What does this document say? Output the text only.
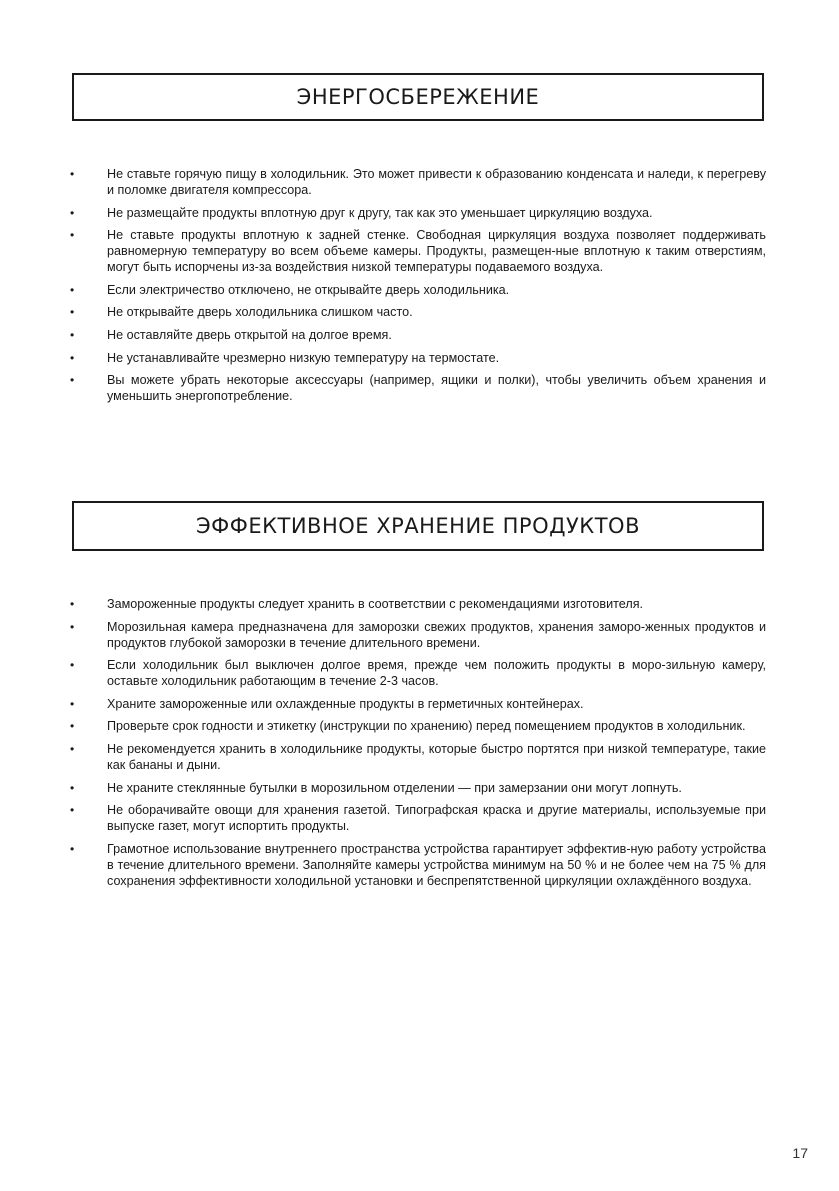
ЭНЕРГОСБЕРЕЖЕНИЕ
•	Не ставьте горячую пищу в холодильник. Это может привести к образованию конденсата и наледи, к перегреву и поломке двигателя компрессора.
•	Не размещайте продукты вплотную друг к другу, так как это уменьшает циркуляцию воздуха.
•	Не ставьте продукты вплотную к задней стенке. Свободная циркуляция воздуха позволяет поддерживать равномерную температуру во всем объеме камеры. Продукты, размещен-ные вплотную к таким отверстиям, могут быть испорчены из-за воздействия низкой температуры подаваемого воздуха.
•	Если электричество отключено, не открывайте дверь холодильника.
•	Не открывайте дверь холодильника слишком часто.
•	Не оставляйте дверь открытой на долгое время.
•	Не устанавливайте чрезмерно низкую температуру на термостате.
•	Вы можете убрать некоторые аксессуары (например, ящики и полки), чтобы увеличить объем хранения и уменьшить энергопотребление.
ЭФФЕКТИВНОЕ ХРАНЕНИЕ ПРОДУКТОВ
•	Замороженные продукты следует хранить в соответствии с рекомендациями изготовителя.
•	Морозильная камера предназначена для заморозки свежих продуктов, хранения заморо-женных продуктов и продуктов глубокой заморозки в течение длительного времени.
•	Если холодильник был выключен долгое время, прежде чем положить продукты в моро-зильную камеру, оставьте холодильник работающим в течение 2-3 часов.
•	Храните замороженные или охлажденные продукты в герметичных контейнерах.
•	Проверьте срок годности и этикетку (инструкции по хранению) перед помещением продуктов в холодильник.
•	Не рекомендуется хранить в холодильнике продукты, которые быстро портятся при низкой температуре, такие как бананы и дыни.
•	Не храните стеклянные бутылки в морозильном отделении — при замерзании они могут лопнуть.
•	Не оборачивайте овощи для хранения газетой. Типографская краска и другие материалы, используемые при выпуске газет, могут испортить продукты.
•	Грамотное использование внутреннего пространства устройства гарантирует эффектив-ную работу устройства в течение длительного времени. Заполняйте камеры устройства минимум на 50 % и не более чем на 75 % для сохранения эффективности холодильной установки и беспрепятственной циркуляции охлаждённого воздуха.
17
